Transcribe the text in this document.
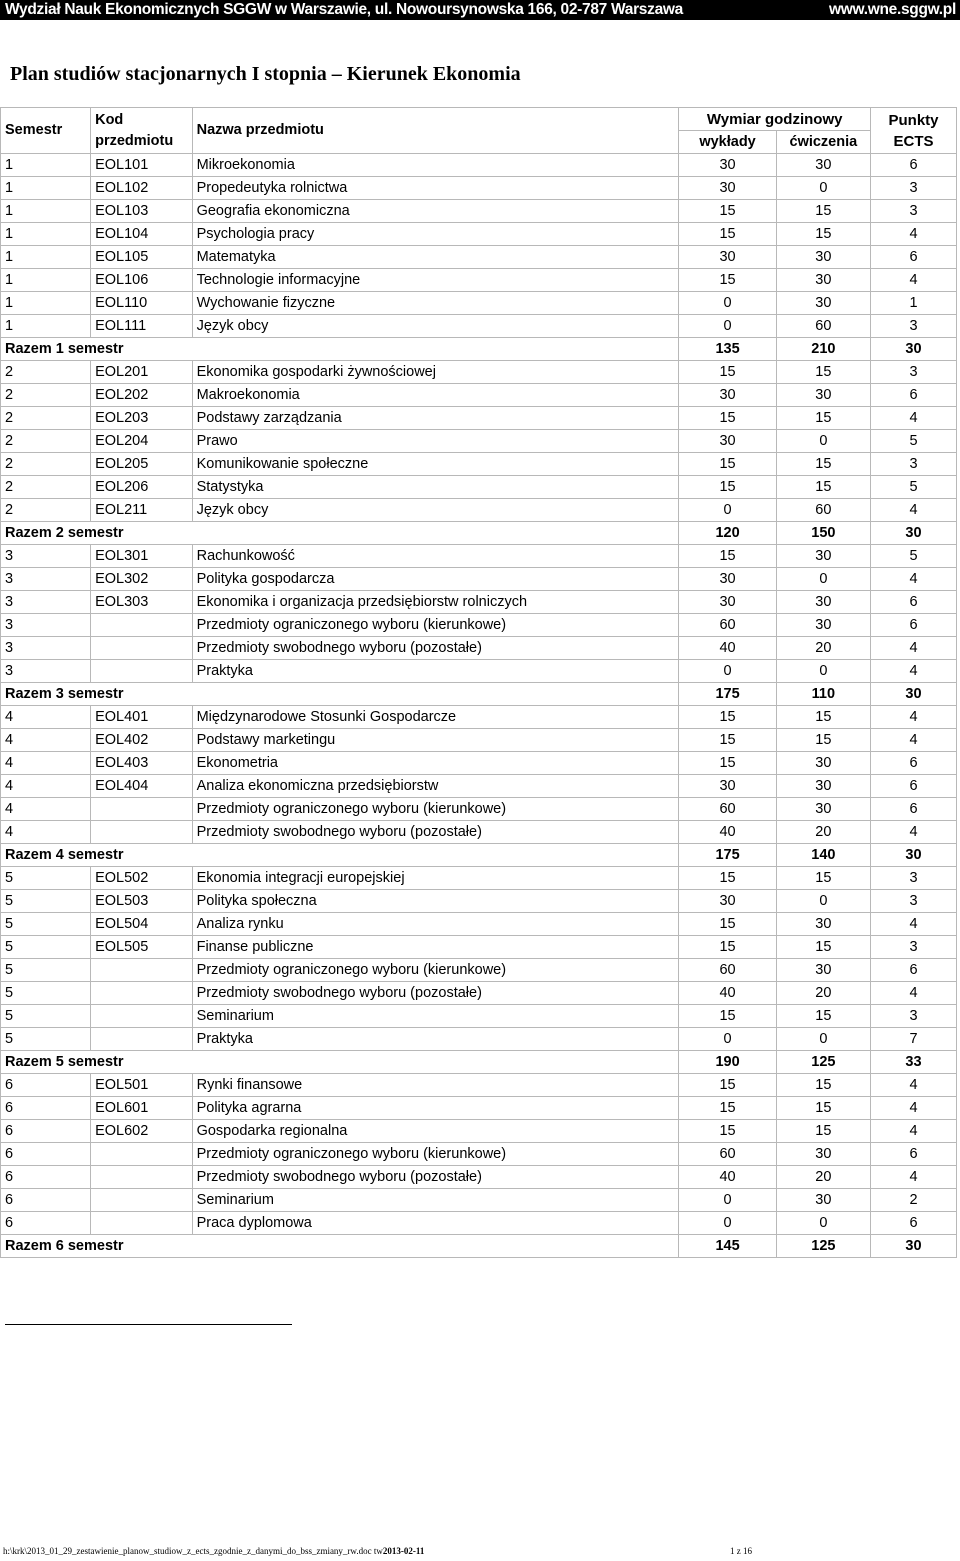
Wydział Nauk Ekonomicznych SGGW w Warszawie, ul. Nowoursynowska 166, 02-787 Warszawa	www.wne.sggw.pl
Plan studiów stacjonarnych I stopnia – Kierunek Ekonomia
Semestr	Kod przedmiotu	Nazwa przedmiotu	Wymiar godzinowy		Punkty ECTS
			wykłady	ćwiczenia	
1	EOL101	Mikroekonomia	30	30	6
1	EOL102	Propedeutyka rolnictwa	30	0	3
1	EOL103	Geografia ekonomiczna	15	15	3
1	EOL104	Psychologia pracy	15	15	4
1	EOL105	Matematyka	30	30	6
1	EOL106	Technologie informacyjne	15	30	4
1	EOL110	Wychowanie fizyczne	0	30	1
1	EOL111	Język obcy	0	60	3
Razem 1 semestr			135	210	30
2	EOL201	Ekonomika gospodarki żywnościowej	15	15	3
2	EOL202	Makroekonomia	30	30	6
2	EOL203	Podstawy zarządzania	15	15	4
2	EOL204	Prawo	30	0	5
2	EOL205	Komunikowanie społeczne	15	15	3
2	EOL206	Statystyka	15	15	5
2	EOL211	Język obcy	0	60	4
Razem 2 semestr			120	150	30
3	EOL301	Rachunkowość	15	30	5
3	EOL302	Polityka gospodarcza	30	0	4
3	EOL303	Ekonomika i organizacja przedsiębiorstw rolniczych	30	30	6
3		Przedmioty ograniczonego wyboru (kierunkowe)	60	30	6
3		Przedmioty swobodnego wyboru (pozostałe)	40	20	4
3		Praktyka	0	0	4
Razem 3 semestr			175	110	30
4	EOL401	Międzynarodowe Stosunki Gospodarcze	15	15	4
4	EOL402	Podstawy marketingu	15	15	4
4	EOL403	Ekonometria	15	30	6
4	EOL404	Analiza ekonomiczna przedsiębiorstw	30	30	6
4		Przedmioty ograniczonego wyboru (kierunkowe)	60	30	6
4		Przedmioty swobodnego wyboru (pozostałe)	40	20	4
Razem 4 semestr			175	140	30
5	EOL502	Ekonomia integracji europejskiej	15	15	3
5	EOL503	Polityka społeczna	30	0	3
5	EOL504	Analiza rynku	15	30	4
5	EOL505	Finanse publiczne	15	15	3
5		Przedmioty ograniczonego wyboru (kierunkowe)	60	30	6
5		Przedmioty swobodnego wyboru (pozostałe)	40	20	4
5		Seminarium	15	15	3
5		Praktyka	0	0	7
Razem 5 semestr			190	125	33
6	EOL501	Rynki finansowe	15	15	4
6	EOL601	Polityka agrarna	15	15	4
6	EOL602	Gospodarka regionalna	15	15	4
6		Przedmioty ograniczonego wyboru (kierunkowe)	60	30	6
6		Przedmioty swobodnego wyboru (pozostałe)	40	20	4
6		Seminarium	0	30	2
6		Praca dyplomowa	0	0	6
Razem 6 semestr			145	125	30
h:\krk\2013_01_29_zestawienie_planow_studiow_z_ects_zgodnie_z_danymi_do_bss_zmiany_rw.doc tw2013-02-11	1 z 16
